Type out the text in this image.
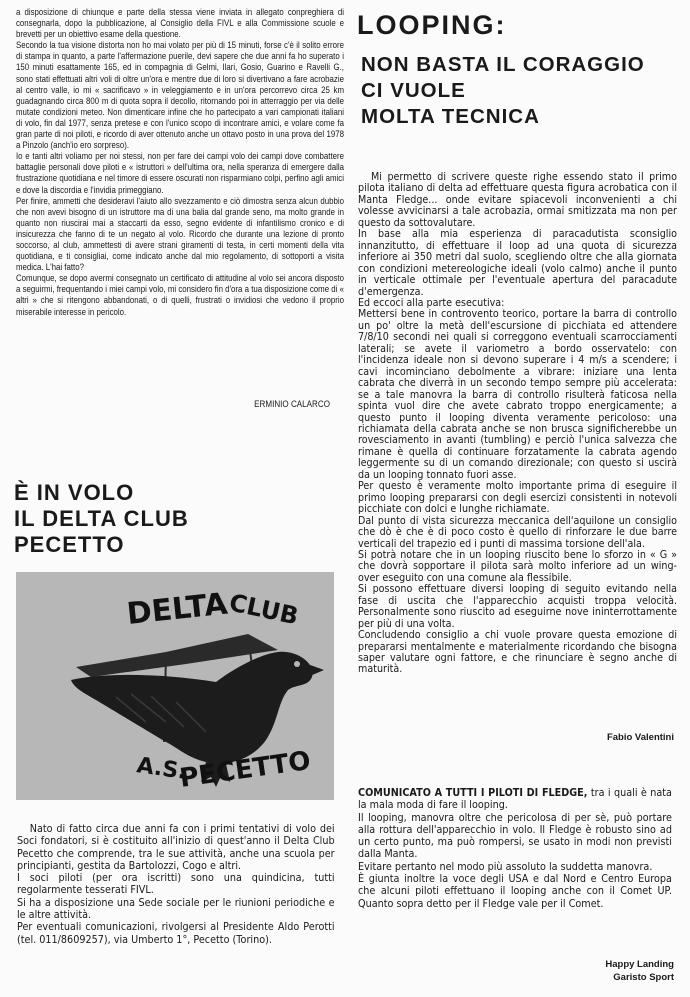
a disposizione di chiunque e parte della stessa viene inviata in allegato conpreghiera di consegnarla, dopo la pubblicazione, al Consiglio della FIVL e alla Commissione scuole e brevetti per un obiettivo esame della questione.

Secondo la tua visione distorta non ho mai volato per più di 15 minuti, forse c'è il solito errore di stampa in quanto, a parte l'affermazione puerile, devi sapere che due anni fa ho superato i 150 minuti esattamente 165, ed in compagnia di Gelmi, Ilari, Gosio, Guarino e Ravelli G., sono stati effettuati altri voli di oltre un'ora e mentre due di loro si divertivano a fare acrobazie al centro valle, io mi « sacrificavo » in veleggiamento e in un'ora percorrevo circa 25 km guadagnando circa 800 m di quota sopra il decollo, ritornando poi in atterraggio per via delle mutate condizioni meteo. Non dimenticare infine che ho partecipato a vari campionati italiani di volo, fin dal 1977, senza pretese e con l'unico scopo di incontrare amici, e volare come fa gran parte di noi piloti, e ricordo di aver ottenuto anche un ottavo posto in una prova del 1978 a Pinzolo (anch'io ero sorpreso).

Io e tanti altri voliamo per noi stessi, non per fare dei campi volo dei campi dove combattere battaglie personali dove piloti e « istruttori » dell'ultima ora, nella speranza di emergere dalla frustrazione quotidiana e nel timore di essere oscurati non risparmiano colpi, perfino agli amici e dove la discordia e l'invidia primeggiano.

Per finire, ammetti che desideravi l'aiuto allo svezzamento e ciò dimostra senza alcun dubbio che non avevi bisogno di un istruttore ma di una balia dal grande seno, ma molto grande in quanto non riuscirai mai a staccarti da esso, segno evidente di infantilismo cronico e di insicurezza che fanno di te un negato al volo. Ricordo che durante una lezione di pronto soccorso, al club, ammettesti di avere strani giramenti di testa, in certi momenti della vita quotidiana, e ti consigliai, come indicato anche dal mio regolamento, di sottoporti a visita medica. L'hai fatto?

Comunque, se dopo avermi consegnato un certificato di attitudine al volo sei ancora disposto a seguirmi, frequentando i miei campi volo, mi considero fin d'ora a tua disposizione come di « altri » che si ritengono abbandonati, o di quelli, frustrati o invidiosi che vedono il proprio miserabile interesse in pericolo.

ERMINIO CALARCO
È IN VOLO
IL DELTA CLUB
PECETTO
DELTA
CLUB
A.S.
PECETTO

Nato di fatto circa due anni fa con i primi tentativi di volo dei Soci fondatori, si è costituito all'inizio di quest'anno il Delta Club Pecetto che comprende, tra le sue attività, anche una scuola per principianti, gestita da Bartolozzi, Cogo e altri.

I soci piloti (per ora iscritti) sono una quindicina, tutti regolarmente tesserati FIVL.

Si ha a disposizione una Sede sociale per le riunioni periodiche e le altre attività.

Per eventuali comunicazioni, rivolgersi al Presidente Aldo Perotti (tel. 011/8609257), via Umberto 1°, Pecetto (Torino).

LOOPING:
NON BASTA IL CORAGGIO
CI VUOLE
MOLTA TECNICA

Mi permetto di scrivere queste righe essendo stato il primo pilota italiano di delta ad effettuare questa figura acrobatica con il Manta Fledge... onde evitare spiacevoli inconvenienti a chi volesse avvicinarsi a tale acrobazia, ormai smitizzata ma non per questo da sottovalutare.

In base alla mia esperienza di paracadutista sconsiglio innanzitutto, di effettuare il loop ad una quota di sicurezza inferiore ai 350 metri dal suolo, scegliendo oltre che alla giornata con condizioni metereologiche ideali (volo calmo) anche il punto in verticale ottimale per l'eventuale apertura del paracadute d'emergenza.

Ed eccoci alla parte esecutiva:

Mettersi bene in controvento teorico, portare la barra di controllo un po' oltre la metà dell'escursione di picchiata ed attendere 7/8/10 secondi nei quali si correggono eventuali scarrocciamenti laterali; se avete il variometro a bordo osservatelo: con l'incidenza ideale non si devono superare i 4 m/s a scendere; i cavi incominciano debolmente a vibrare: iniziare una lenta cabrata che diverrà in un secondo tempo sempre più accelerata: se a tale manovra la barra di controllo risulterà faticosa nella spinta vuol dire che avete cabrato troppo energicamente; a questo punto il looping diventa veramente pericoloso: una richiamata della cabrata anche se non brusca significherebbe un rovesciamento in avanti (tumbling) e perciò l'unica salvezza che rimane è quella di continuare forzatamente la cabrata agendo leggermente su di un comando direzionale; con questo si uscirà da un looping tonnato fuori asse.

Per questo è veramente molto importante prima di eseguire il primo looping prepararsi con degli esercizi consistenti in notevoli picchiate con dolci e lunghe richiamate.

Dal punto di vista sicurezza meccanica dell'aquilone un consiglio che dò è che è di poco costo è quello di rinforzare le due barre verticali del trapezio ed i punti di massima torsione dell'ala.

Si potrà notare che in un looping riuscito bene lo sforzo in « G » che dovrà sopportare il pilota sarà molto inferiore ad un wing-over eseguito con una comune ala flessibile.

Si possono effettuare diversi looping di seguito evitando nella fase di uscita che l'apparecchio acquisti troppa velocità. Personalmente sono riuscito ad eseguirne nove ininterrottamente per più di una volta.

Concludendo consiglio a chi vuole provare questa emozione di prepararsi mentalmente e materialmente ricordando che bisogna saper valutare ogni fattore, e che rinunciare è segno anche di maturità.

Fabio Valentini

COMUNICATO A TUTTI I PILOTI DI FLEDGE, tra i quali è nata la mala moda di fare il looping.

Il looping, manovra oltre che pericolosa di per sè, può portare alla rottura dell'apparecchio in volo. Il Fledge è robusto sino ad un certo punto, ma può rompersi, se usato in modi non previsti dalla Manta.

Evitare pertanto nel modo più assoluto la suddetta manovra.

È giunta inoltre la voce degli USA e dal Nord e Centro Europa che alcuni piloti effettuano il looping anche con il Comet UP. Quanto sopra detto per il Fledge vale per il Comet.

Happy Landing
Garisto Sport
